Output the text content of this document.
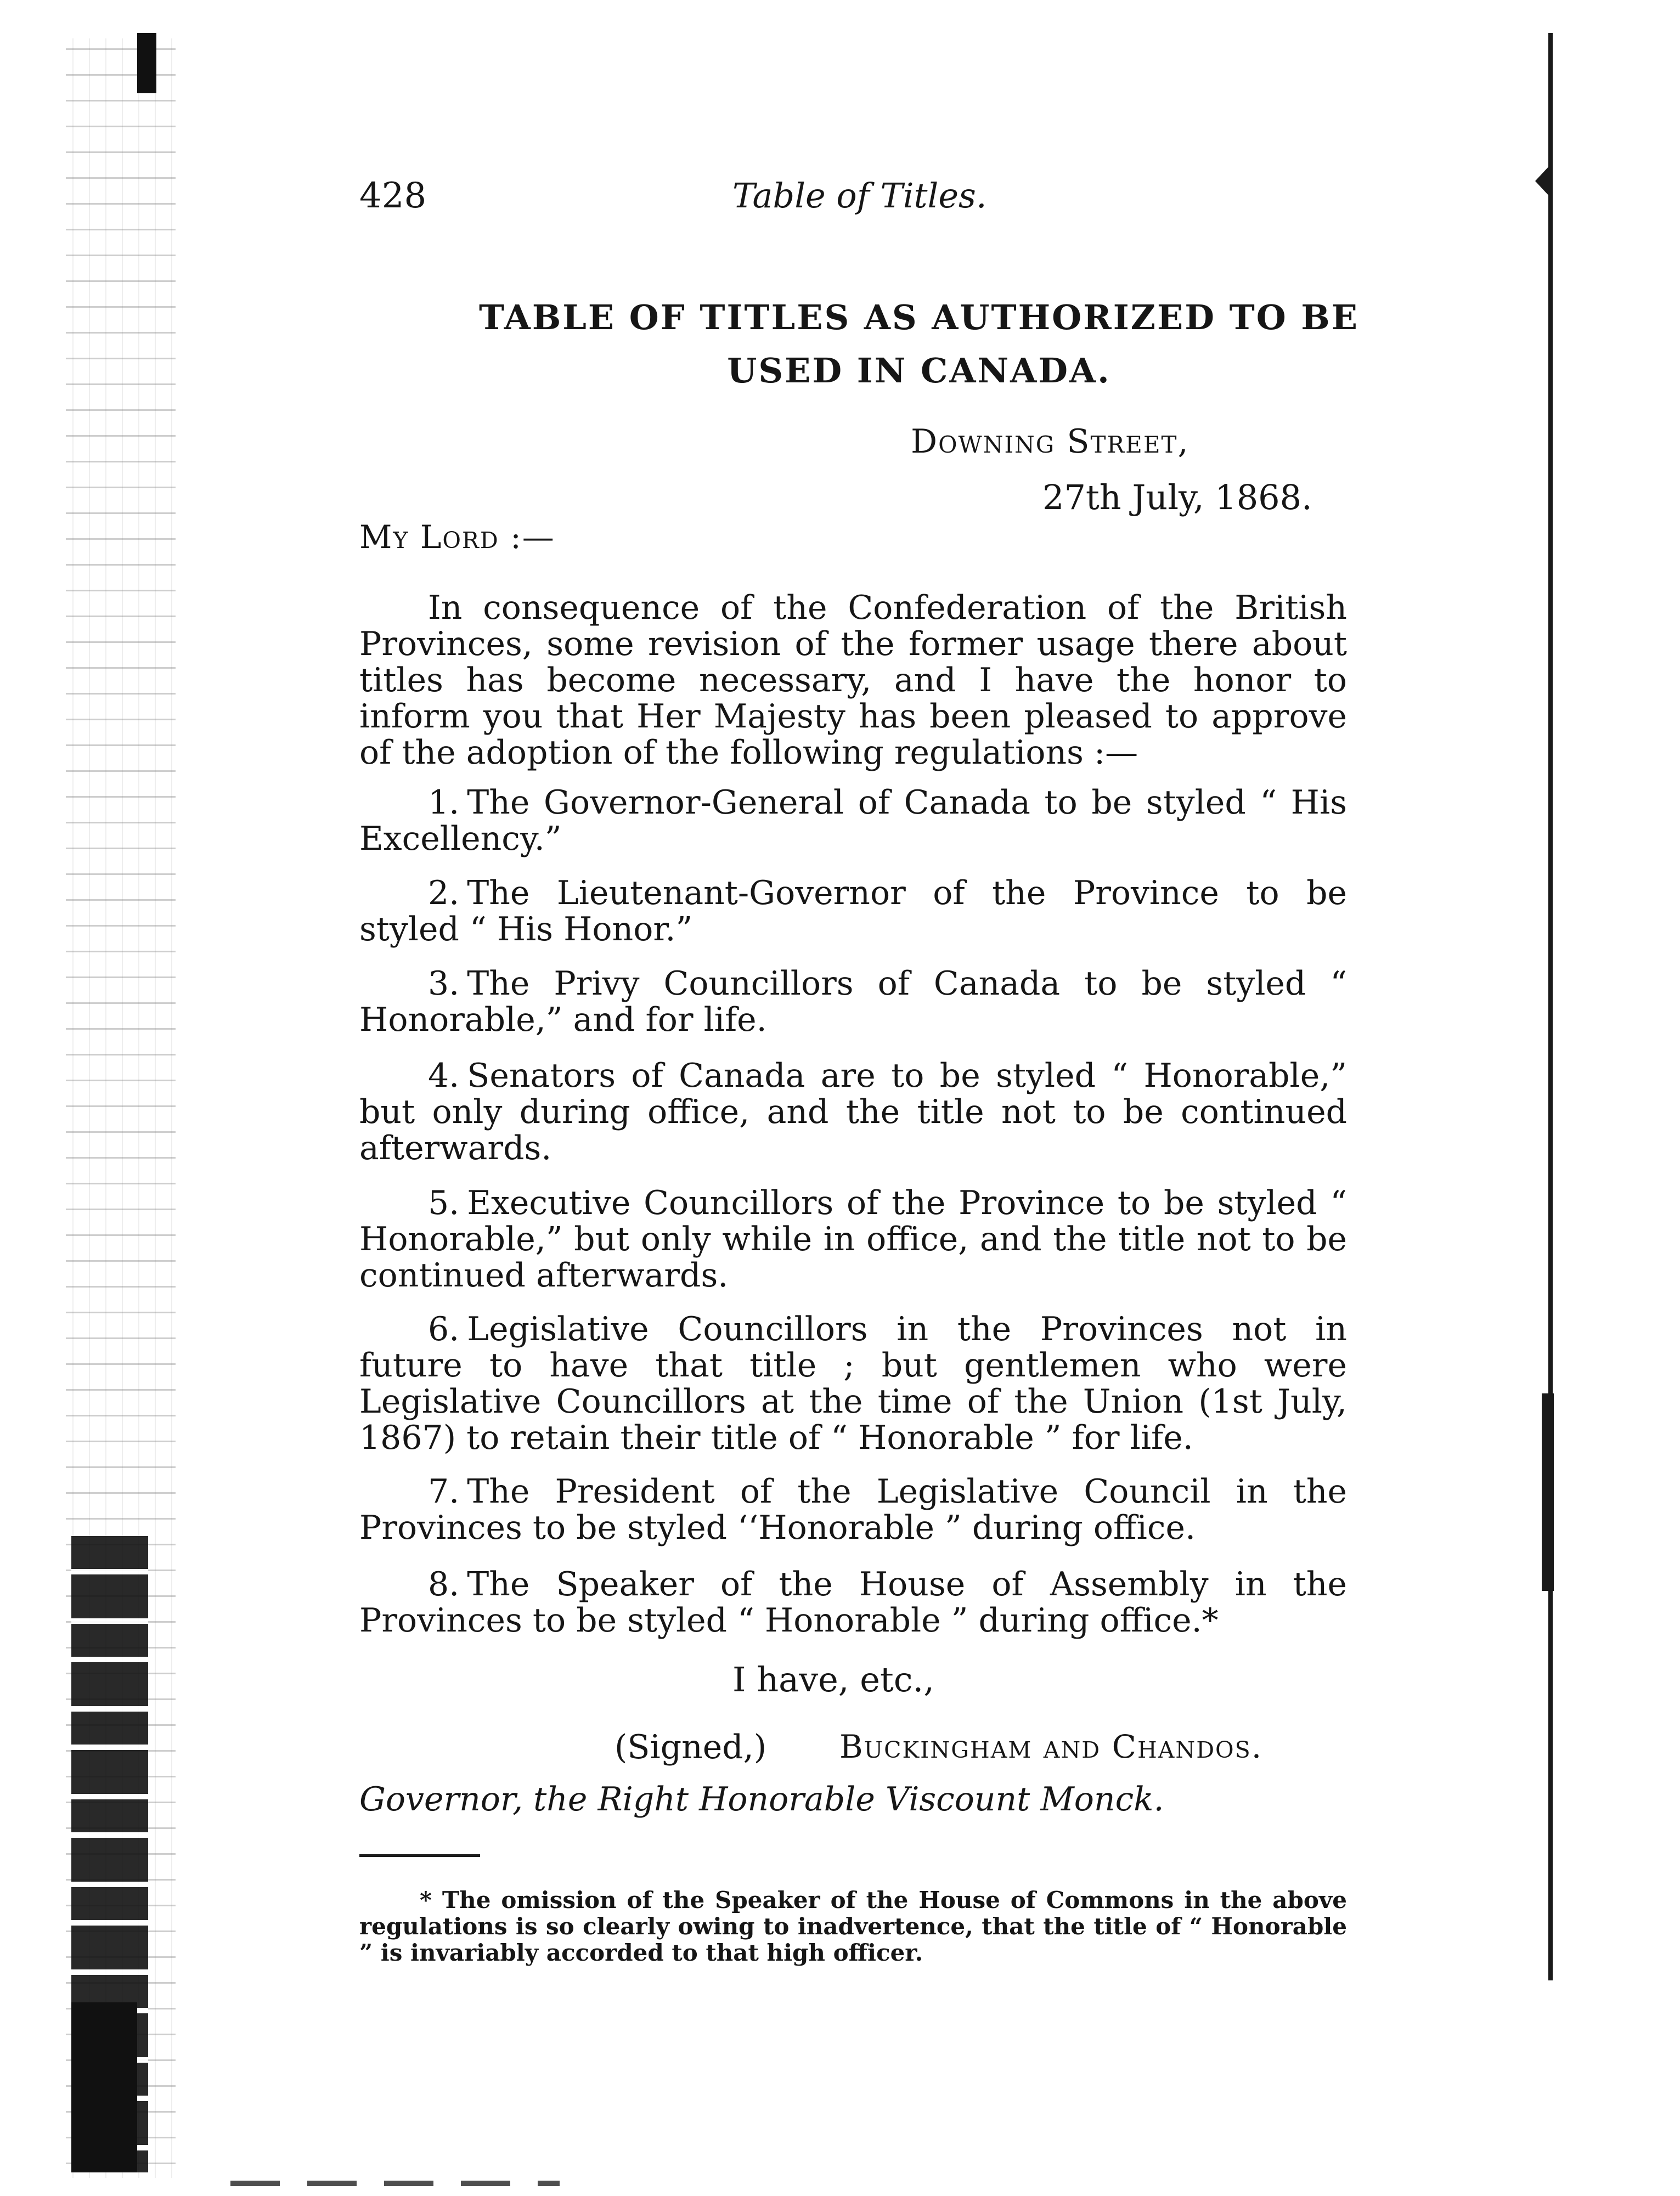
428	Table of Titles.
TABLE OF TITLES AS AUTHORIZED TO BE
USED IN CANADA.
Downing Street,
27th July, 1868.
My Lord :—
In consequence of the Confederation of the British Provinces, some revision of the former usage there about titles has become necessary, and I have the honor to inform you that Her Majesty has been pleased to approve of the adoption of the following regulations :—
1. The Governor-General of Canada to be styled “ His Excellency.”
2. The Lieutenant-Governor of the Province to be styled “ His Honor.”
3. The Privy Councillors of Canada to be styled “ Honorable,” and for life.
4. Senators of Canada are to be styled “ Honorable,” but only during office, and the title not to be continued afterwards.
5. Executive Councillors of the Province to be styled “ Honorable,” but only while in office, and the title not to be continued afterwards.
6. Legislative Councillors in the Provinces not in future to have that title ; but gentlemen who were Legislative Councillors at the time of the Union (1st July, 1867) to retain their title of “ Honorable ” for life.
7. The President of the Legislative Council in the Provinces to be styled ‘‘Honorable ” during office.
8. The Speaker of the House of Assembly in the Provinces to be styled “ Honorable ” during office.*
I have, etc.,
(Signed,) Buckingham and Chandos.
Governor, the Right Honorable Viscount Monck.
* The omission of the Speaker of the House of Commons in the above regulations is so clearly owing to inadvertence, that the title of “ Honorable ” is invariably accorded to that high officer.
